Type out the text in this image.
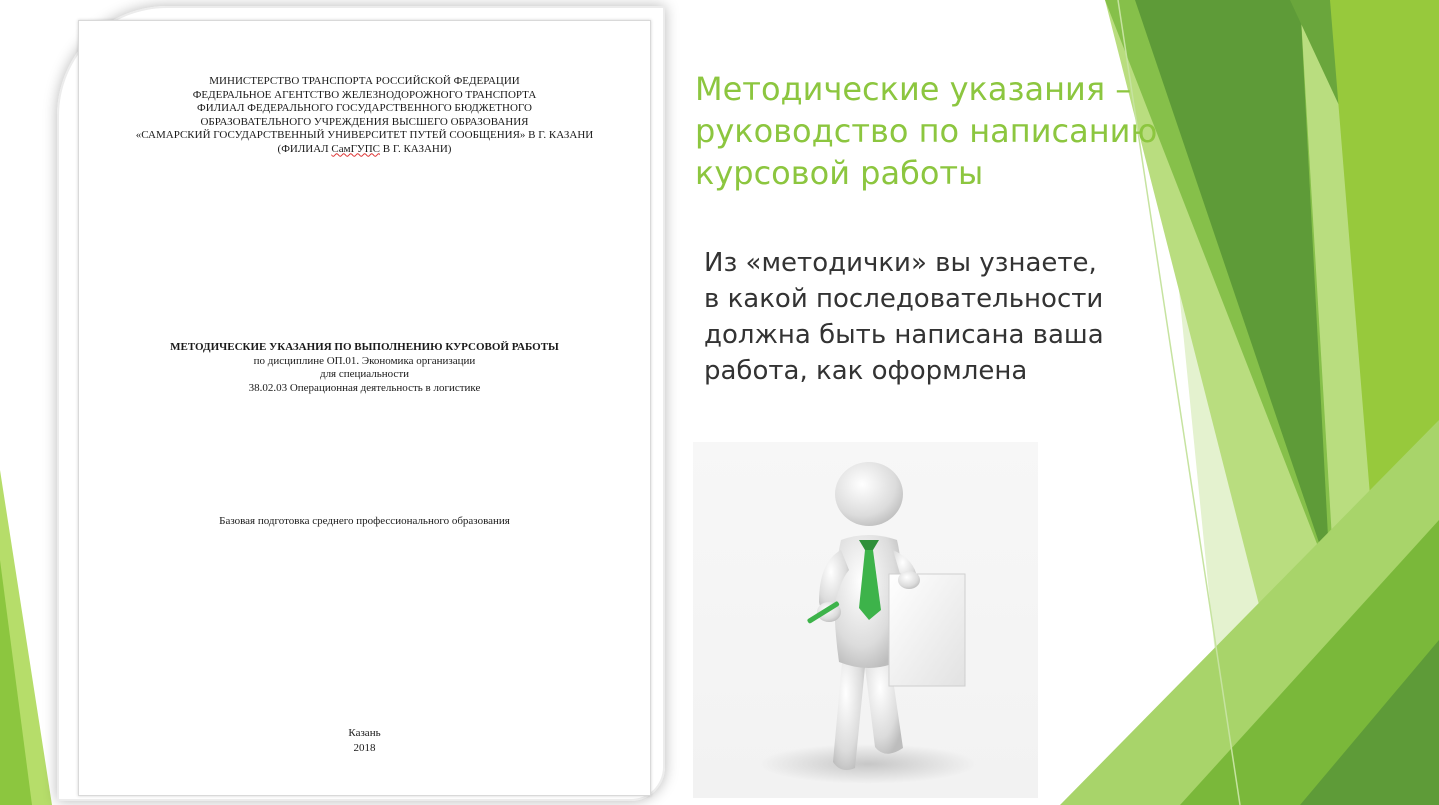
МИНИСТЕРСТВО ТРАНСПОРТА РОССИЙСКОЙ ФЕДЕРАЦИИ
ФЕДЕРАЛЬНОЕ АГЕНТСТВО ЖЕЛЕЗНОДОРОЖНОГО ТРАНСПОРТА
ФИЛИАЛ ФЕДЕРАЛЬНОГО ГОСУДАРСТВЕННОГО БЮДЖЕТНОГО
ОБРАЗОВАТЕЛЬНОГО УЧРЕЖДЕНИЯ ВЫСШЕГО ОБРАЗОВАНИЯ
«САМАРСКИЙ ГОСУДАРСТВЕННЫЙ УНИВЕРСИТЕТ ПУТЕЙ СООБЩЕНИЯ» В Г. КАЗАНИ
(ФИЛИАЛ СамГУПС В Г. КАЗАНИ)
МЕТОДИЧЕСКИЕ УКАЗАНИЯ ПО ВЫПОЛНЕНИЮ КУРСОВОЙ РАБОТЫ
по дисциплине ОП.01. Экономика организации
для специальности
38.02.03 Операционная деятельность в логистике
Базовая подготовка среднего профессионального образования
Казань
2018
Методические указания –
руководство по написанию
курсовой работы
Из «методички» вы узнаете,
в какой последовательности
должна быть написана ваша
работа, как оформлена
